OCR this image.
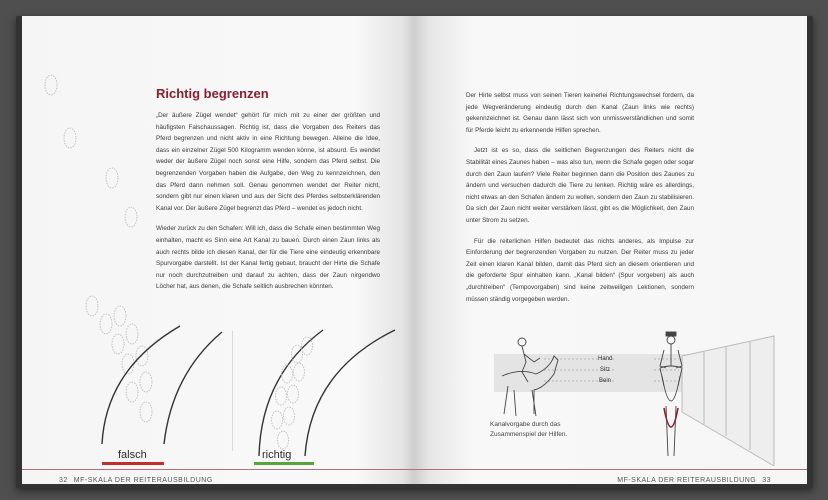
Richtig begrenzen

„Der äußere Zügel wendet“ gehört für mich mit zu einer der größten und häufigsten Falschaussagen. Richtig ist, dass die Vorgaben des Reiters das Pferd begrenzen und nicht aktiv in eine Richtung bewegen. Alleine die Idee, dass ein einzelner Zügel 500 Kilogramm wenden könne, ist absurd. Es wendet weder der äußere Zügel noch sonst eine Hilfe, sondern das Pferd selbst. Die begrenzenden Vorgaben haben die Aufgabe, den Weg zu kennzeichnen, den das Pferd dann nehmen soll. Genau genommen wendet der Reiter nicht, sondern gibt nur einen klaren und aus der Sicht des Pferdes selbsterklärenden Kanal vor. Der äußere Zügel begrenzt das Pferd – wendet es jedoch nicht.

Wieder zurück zu den Schafen: Will ich, dass die Schafe einen bestimmten Weg einhalten, macht es Sinn eine Art Kanal zu bauen. Durch einen Zaun links als auch rechts bilde ich diesen Kanal, der für die Tiere eine eindeutig erkennbare Spurvorgabe darstellt. Ist der Kanal fertig gebaut, braucht der Hirte die Schafe nur noch durchzutreiben und darauf zu achten, dass der Zaun nirgendwo Löcher hat, aus denen, die Schafe seitlich ausbrechen könnten.

falsch	richtig
32 MF-SKALA DER REITERAUSBILDUNG

Der Hirte selbst muss von seinen Tieren keinerlei Richtungswechsel fordern, da jede Wegveränderung eindeutig durch den Kanal (Zaun links wie rechts) gekennzeichnet ist. Genau dann lässt sich von unmissverständlichen und somit für Pferde leicht zu erkennende Hilfen sprechen.

Jetzt ist es so, dass die seitlichen Begrenzungen des Reiters nicht die Stabilität eines Zaunes haben – was also tun, wenn die Schafe gegen oder sogar durch den Zaun laufen? Viele Reiter beginnen dann die Position des Zaunes zu ändern und versuchen dadurch die Tiere zu lenken. Richtig wäre es allerdings, nicht etwas an den Schafen ändern zu wollen, sondern den Zaun zu stabilisieren. Da sich der Zaun nicht weiter verstärken lässt, gibt es die Möglichkeit, den Zaun unter Strom zu setzen.

Für die reiterlichen Hilfen bedeutet das nichts anderes, als Impulse zur Einforderung der begrenzenden Vorgaben zu nutzen. Der Reiter muss zu jeder Zeit einen klaren Kanal bilden, damit das Pferd sich an diesem orientieren und die geforderte Spur einhalten kann. „Kanal bilden“ (Spur vorgeben) als auch „durchtreiben“ (Tempovorgaben) sind keine zeitweiligen Lektionen, sondern müssen ständig vorgegeben werden.

Hand
Sitz
Bein
Kanalvorgabe durch das Zusammenspiel der Hilfen.
MF-SKALA DER REITERAUSBILDUNG 33
